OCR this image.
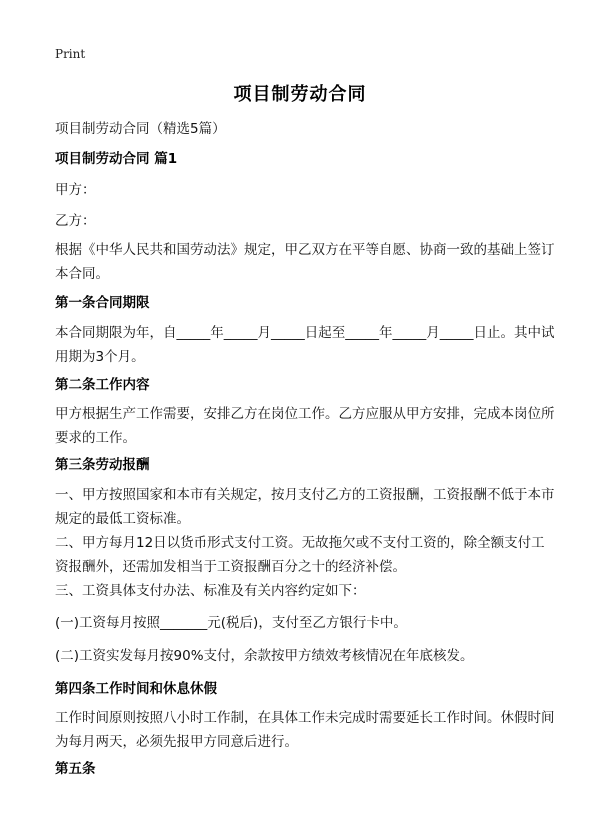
Print
项目制劳动合同
项目制劳动合同（精选5篇）
项目制劳动合同 篇1
甲方：
乙方：
根据《中华人民共和国劳动法》规定，甲乙双方在平等自愿、协商一致的基础上签订本合同。
第一条合同期限
本合同期限为年，自_____年_____月_____日起至_____年_____月_____日止。其中试用期为3个月。
第二条工作内容
甲方根据生产工作需要，安排乙方在岗位工作。乙方应服从甲方安排，完成本岗位所要求的工作。
第三条劳动报酬
一、甲方按照国家和本市有关规定，按月支付乙方的工资报酬，工资报酬不低于本市规定的最低工资标准。
二、甲方每月12日以货币形式支付工资。无故拖欠或不支付工资的，除全额支付工资报酬外，还需加发相当于工资报酬百分之十的经济补偿。
三、工资具体支付办法、标准及有关内容约定如下：
(一)工资每月按照_______元(税后)，支付至乙方银行卡中。
(二)工资实发每月按90%支付，余款按甲方绩效考核情况在年底核发。
第四条工作时间和休息休假
工作时间原则按照八小时工作制，在具体工作未完成时需要延长工作时间。休假时间为每月两天，必须先报甲方同意后进行。
第五条
